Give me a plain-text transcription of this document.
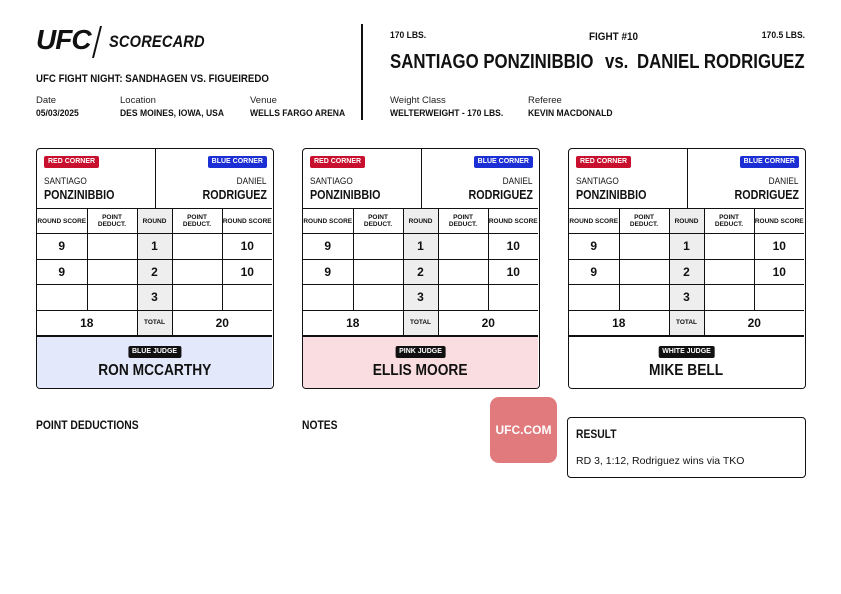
UFC SCORECARD
UFC FIGHT NIGHT: SANDHAGEN VS. FIGUEIREDO
Date
05/03/2025
Location
DES MOINES, IOWA, USA
Venue
WELLS FARGO ARENA
170 LBS.	FIGHT #10	170.5 LBS.
SANTIAGO PONZINIBBIO vs. DANIEL RODRIGUEZ
Weight Class
WELTERWEIGHT - 170 LBS.
Referee
KEVIN MACDONALD
RED CORNER
SANTIAGO
PONZINIBBIO
BLUE CORNER
DANIEL
RODRIGUEZ
ROUND SCORE	POINT DEDUCT.	ROUND	POINT DEDUCT.	ROUND SCORE
9		1		10
9		2		10
		3		
18		TOTAL	20	
BLUE JUDGE
RON MCCARTHY
RED CORNER
SANTIAGO
PONZINIBBIO
BLUE CORNER
DANIEL
RODRIGUEZ
ROUND SCORE	POINT DEDUCT.	ROUND	POINT DEDUCT.	ROUND SCORE
9		1		10
9		2		10
		3		
18		TOTAL	20	
PINK JUDGE
ELLIS MOORE
RED CORNER
SANTIAGO
PONZINIBBIO
BLUE CORNER
DANIEL
RODRIGUEZ
ROUND SCORE	POINT DEDUCT.	ROUND	POINT DEDUCT.	ROUND SCORE
9		1		10
9		2		10
		3		
18		TOTAL	20	
WHITE JUDGE
MIKE BELL
POINT DEDUCTIONS	NOTES	UFC.COM	RESULT
RD 3, 1:12, Rodriguez wins via TKO
